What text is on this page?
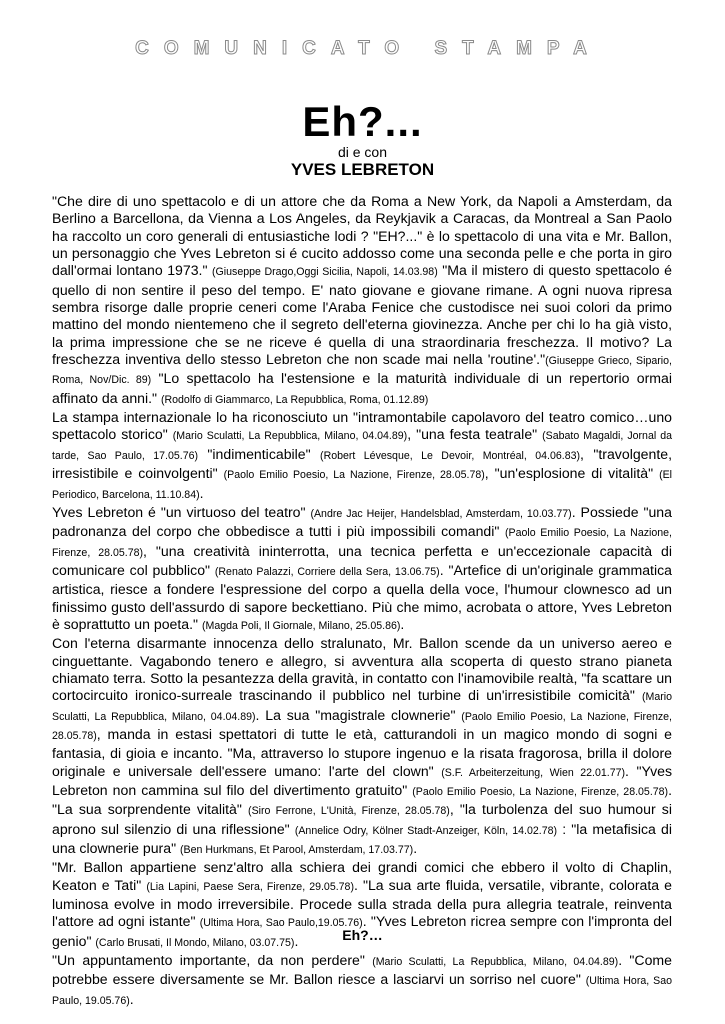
COMUNICATO STAMPA
Eh?...
di e con
YVES LEBRETON

"Che dire di uno spettacolo e di un attore che da Roma a New York, da Napoli a Amsterdam, da Berlino a Barcellona, da Vienna a Los Angeles, da Reykjavik a Caracas, da Montreal a San Paolo ha raccolto un coro generali di entusiastiche lodi ? "EH?..." è lo spettacolo di una vita e Mr. Ballon, un personaggio che Yves Lebreton si é cucito addosso come una seconda pelle e che porta in giro dall'ormai lontano 1973." (Giuseppe Drago,Oggi Sicilia, Napoli, 14.03.98) "Ma il mistero di questo spettacolo é quello di non sentire il peso del tempo. E' nato giovane e giovane rimane. A ogni nuova ripresa sembra risorge dalle proprie ceneri come l'Araba Fenice che custodisce nei suoi colori da primo mattino del mondo nientemeno che il segreto dell'eterna giovinezza. Anche per chi lo ha già visto, la prima impressione che se ne riceve é quella di una straordinaria freschezza. Il motivo? La freschezza inventiva dello stesso Lebreton che non scade mai nella 'routine'."(Giuseppe Grieco, Sipario, Roma, Nov/Dic. 89) "Lo spettacolo ha l'estensione e la maturità individuale di un repertorio ormai affinato da anni." (Rodolfo di Giammarco, La Repubblica, Roma, 01.12.89)

La stampa internazionale lo ha riconosciuto un "intramontabile capolavoro del teatro comico…uno spettacolo storico" (Mario Sculatti, La Repubblica, Milano, 04.04.89), "una festa teatrale" (Sabato Magaldi, Jornal da tarde, Sao Paulo, 17.05.76) "indimenticabile" (Robert Lévesque, Le Devoir, Montréal, 04.06.83), "travolgente, irresistibile e coinvolgenti" (Paolo Emilio Poesio, La Nazione, Firenze, 28.05.78), "un'esplosione di vitalità" (El Periodico, Barcelona, 11.10.84).

Yves Lebreton é "un virtuoso del teatro" (Andre Jac Heijer, Handelsblad, Amsterdam, 10.03.77). Possiede "una padronanza del corpo che obbedisce a tutti i più impossibili comandi" (Paolo Emilio Poesio, La Nazione, Firenze, 28.05.78), "una creatività ininterrotta, una tecnica perfetta e un'eccezionale capacità di comunicare col pubblico" (Renato Palazzi, Corriere della Sera, 13.06.75). "Artefice di un'originale grammatica artistica, riesce a fondere l'espressione del corpo a quella della voce, l'humour clownesco ad un finissimo gusto dell'assurdo di sapore beckettiano. Più che mimo, acrobata o attore, Yves Lebreton è soprattutto un poeta." (Magda Poli, Il Giornale, Milano, 25.05.86).

Con l'eterna disarmante innocenza dello stralunato, Mr. Ballon scende da un universo aereo e cinguettante. Vagabondo tenero e allegro, si avventura alla scoperta di questo strano pianeta chiamato terra. Sotto la pesantezza della gravità, in contatto con l'inamovibile realtà, "fa scattare un cortocircuito ironico-surreale trascinando il pubblico nel turbine di un'irresistibile comicità" (Mario Sculatti, La Repubblica, Milano, 04.04.89). La sua "magistrale clownerie" (Paolo Emilio Poesio, La Nazione, Firenze, 28.05.78), manda in estasi spettatori di tutte le età, catturandoli in un magico mondo di sogni e fantasia, di gioia e incanto. "Ma, attraverso lo stupore ingenuo e la risata fragorosa, brilla il dolore originale e universale dell'essere umano: l'arte del clown" (S.F. Arbeiterzeitung, Wien 22.01.77). "Yves Lebreton non cammina sul filo del divertimento gratuito" (Paolo Emilio Poesio, La Nazione, Firenze, 28.05.78). "La sua sorprendente vitalità" (Siro Ferrone, L'Unità, Firenze, 28.05.78), "la turbolenza del suo humour si aprono sul silenzio di una riflessione" (Annelice Odry, Kölner Stadt-Anzeiger, Köln, 14.02.78) : "la metafisica di una clownerie pura" (Ben Hurkmans, Et Parool, Amsterdam, 17.03.77).

"Mr. Ballon appartiene senz'altro alla schiera dei grandi comici che ebbero il volto di Chaplin, Keaton e Tati" (Lia Lapini, Paese Sera, Firenze, 29.05.78). "La sua arte fluida, versatile, vibrante, colorata e luminosa evolve in modo irreversibile. Procede sulla strada della pura allegria teatrale, reinventa l'attore ad ogni istante" (Ultima Hora, Sao Paulo,19.05.76). "Yves Lebreton ricrea sempre con l'impronta del genio" (Carlo Brusati, Il Mondo, Milano, 03.07.75).

"Un appuntamento importante, da non perdere" (Mario Sculatti, La Repubblica, Milano, 04.04.89). "Come potrebbe essere diversamente se Mr. Ballon riesce a lasciarvi un sorriso nel cuore" (Ultima Hora, Sao Paulo, 19.05.76).

Eh?…
